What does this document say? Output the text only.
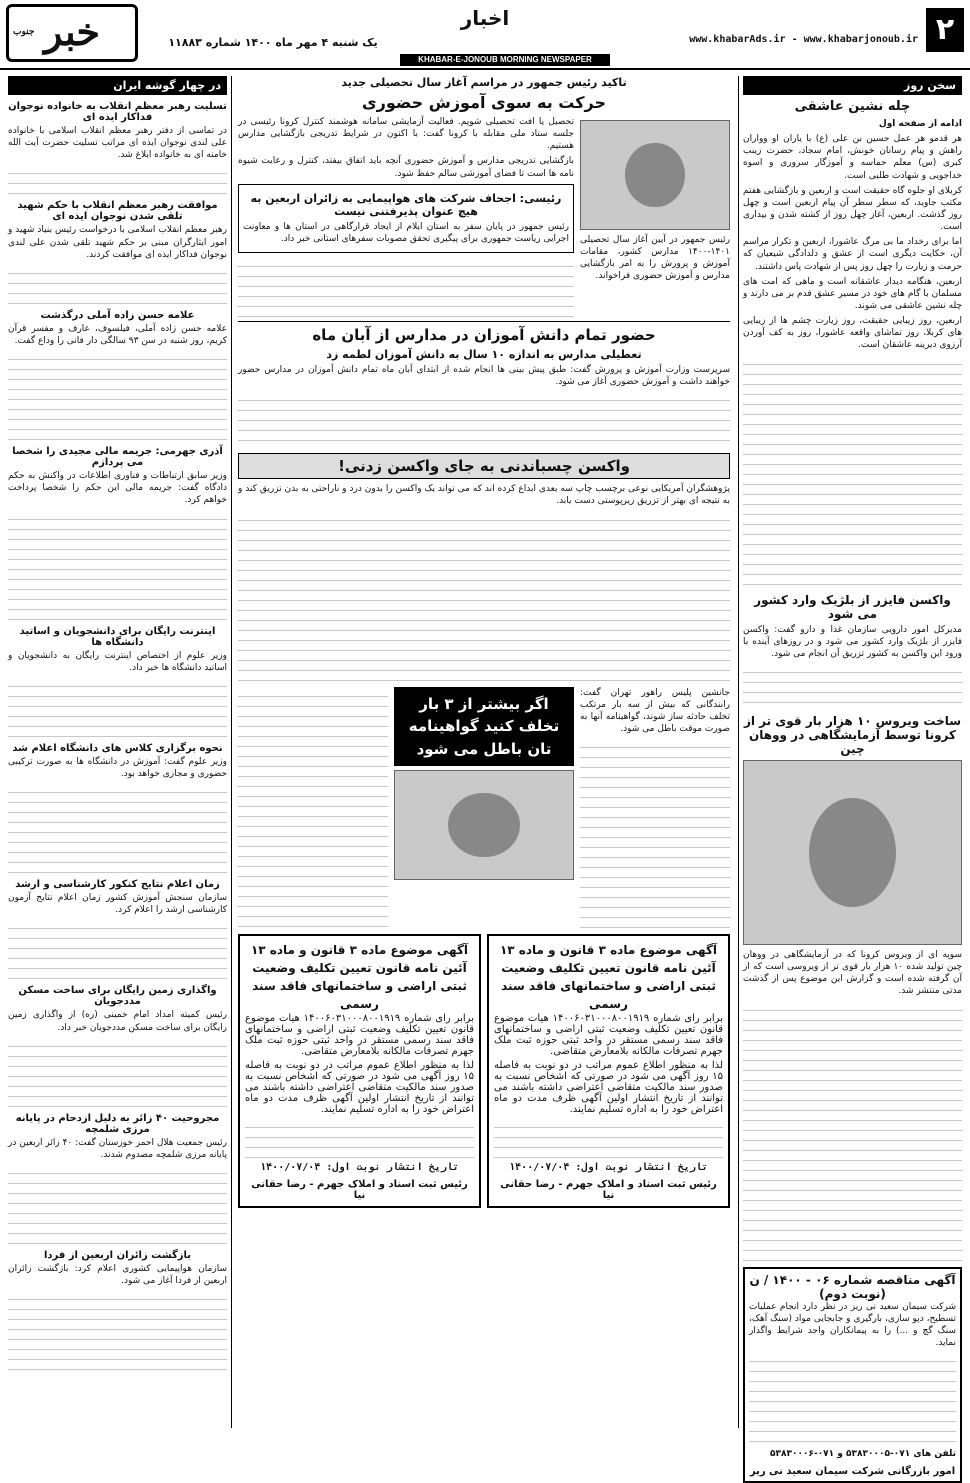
۲
www.khabarAds.ir - www.khabarjonoub.ir
اخبار
یک شنبه ۴ مهر ماه ۱۴۰۰ شماره ۱۱۸۸۳
خبر
جنوب
KHABAR-E-JONOUB MORNING NEWSPAPER
سخن روز
چله نشین عاشقی

ادامه از صفحه اول

هر قدمو هر عمل حسین بن علی (ع) با یاران او وواران راهش و پیام رسانان خونش، امام سجاد، حضرت زینب کبری (س) معلم حماسه و آموزگار سروری و اسوه خداجویی و شهادت طلبی است.

کربلای او جلوه گاه حقیقت است و اربعین و بازگشایی هفتم مکتب جاوید، که سطر سطر آن پیام اربعین است و چهل روز گذشت. اربعین، آغاز چهل روز از کشته شدن و بیداری است.

اما برای رخداد ما بی مرگ عاشورا، اربعین و تکرار مراسم آن، حکایت دیگری است از عشق و دلدادگی شیعیان که حرمت و زیارت را چهل روز پس از شهادت پاس داشتند.

اربعین، هنگامه دیدار عاشقانه است و ماهی که امت های مسلمان با گام های خود در مسیر عشق قدم بر می دارند و چله نشین عاشقی می شوند.

اربعین، روز زیبایی حقیقت، روز زیارت چشم ها از زیبایی های کربلا، روز تماشای واقعه عاشورا، روز به کف آوردن آرزوی دیرینه عاشقان است.

واکسن فایزر از بلژیک وارد کشور می شود

مدیرکل امور دارویی سازمان غذا و دارو گفت: واکسن فایزر از بلژیک وارد کشور می شود و در روزهای آینده با ورود این واکسن به کشور تزریق آن انجام می شود.

ساخت ویروس ۱۰ هزار بار قوی تر از کرونا توسط آزمایشگاهی در ووهان چین

سوپه ای از ویروس کرونا که در آزمایشگاهی در ووهان چین تولید شده ۱۰ هزار بار قوی تر از ویروسی است که از آن گرفته شده است و گزارش این موضوع پس از گذشت مدتی منتشر شد.

آگهی مناقصه شماره ۰۶ - ۱۴۰۰ / ن (نوبت دوم)

شرکت سیمان سعید نی ریز در نظر دارد انجام عملیات تسطیح، دپو سازی، بارگیری و جابجایی مواد (سنگ آهک، سنگ گچ و ...) را به پیمانکاران واجد شرایط واگذار نماید.

تلفن های ۰۷۱-۵۳۸۳۰۰۰۵ و ۰۷۱-۵۳۸۳۰۰۰۶

امور بازرگانی شرکت سیمان سعید نی ریز
تاکید رئیس جمهور در مراسم آغاز سال تحصیلی جدید
حرکت به سوی آموزش حضوری

رئیس جمهور در آیین آغاز سال تحصیلی ۱۴۰۱-۱۴۰۰ مدارس کشور، مقامات آموزش و پرورش را به امر بازگشایی مدارس و آموزش حضوری فراخواند.

تحصیل یا افت تحصیلی شویم. فعالیت آزمایشی سامانه هوشمند کنترل کرونا رئیسی در جلسه ستاد ملی مقابله با کرونا گفت: با اکنون در شرایط تدریجی بازگشایی مدارس هستیم.

بازگشایی تدریجی مدارس و آموزش حضوری آنچه باید اتفاق بیفتد، کنترل و رعایت شیوه نامه ها است تا فضای آموزشی سالم حفظ شود.

رئیسی: اجحاف شرکت های هواپیمایی به زائران اربعین به هیچ عنوان پذیرفتنی نیست

رئیس جمهور در پایان سفر به استان ایلام از ایجاد قرارگاهی در استان ها و معاونت اجرایی ریاست جمهوری برای پیگیری تحقق مصوبات سفرهای استانی خبر داد.

حضور تمام دانش آموزان در مدارس از آبان ماه
تعطیلی مدارس به اندازه ۱۰ سال به دانش آموزان لطمه زد

سرپرست وزارت آموزش و پرورش گفت: طبق پیش بینی ها انجام شده از ابتدای آبان ماه تمام دانش آموزان در مدارس حضور خواهند داشت و آموزش حضوری آغاز می شود.

واکسن چسباندنی به جای واکسن زدنی!

پژوهشگران آمریکایی نوعی برچسب چاپ سه بعدی ابداع کرده اند که می تواند یک واکسن را بدون درد و ناراحتی به بدن تزریق کند و به نتیجه ای بهتر از تزریق زیرپوستی دست یابد.

جانشین پلیس راهور تهران گفت: رانندگانی که بیش از سه بار مرتکب تخلف حادثه ساز شوند، گواهینامه آنها به صورت موقت باطل می شود.

اگر بیشتر از ۳ بار تخلف کنید گواهینامه تان باطل می شود
آگهی موضوع ماده ۳ قانون و ماده ۱۳ آئین نامه قانون تعیین تکلیف وضعیت ثبتی اراضی و ساختمانهای فاقد سند رسمی

برابر رای شماره ۱۴۰۰۶۰۳۱۰۰۰۸۰۰۱۹۱۹ هیات موضوع قانون تعیین تکلیف وضعیت ثبتی اراضی و ساختمانهای فاقد سند رسمی مستقر در واحد ثبتی حوزه ثبت ملک جهرم تصرفات مالکانه بلامعارض متقاضی.

لذا به منظور اطلاع عموم مراتب در دو نوبت به فاصله ۱۵ روز آگهی می شود در صورتی که اشخاص نسبت به صدور سند مالکیت متقاضی اعتراضی داشته باشند می توانند از تاریخ انتشار اولین آگهی ظرف مدت دو ماه اعتراض خود را به اداره تسلیم نمایند.

تاریخ انتشار نوبت اول: ۱۴۰۰/۰۷/۰۴
رئیس ثبت اسناد و املاک جهرم - رضا حقانی نیا
آگهی موضوع ماده ۳ قانون و ماده ۱۳ آئین نامه قانون تعیین تکلیف وضعیت ثبتی اراضی و ساختمانهای فاقد سند رسمی

برابر رای شماره ۱۴۰۰۶۰۳۱۰۰۰۸۰۰۱۹۱۹ هیات موضوع قانون تعیین تکلیف وضعیت ثبتی اراضی و ساختمانهای فاقد سند رسمی مستقر در واحد ثبتی حوزه ثبت ملک جهرم تصرفات مالکانه بلامعارض متقاضی.

لذا به منظور اطلاع عموم مراتب در دو نوبت به فاصله ۱۵ روز آگهی می شود در صورتی که اشخاص نسبت به صدور سند مالکیت متقاضی اعتراضی داشته باشند می توانند از تاریخ انتشار اولین آگهی ظرف مدت دو ماه اعتراض خود را به اداره تسلیم نمایند.

تاریخ انتشار نوبت اول: ۱۴۰۰/۰۷/۰۴
رئیس ثبت اسناد و املاک جهرم - رضا حقانی نیا
در چهار گوشه ایران
تسلیت رهبر معظم انقلاب به خانواده نوجوان فداکار ایذه ای

در تماسی از دفتر رهبر معظم انقلاب اسلامی با خانواده علی لندی نوجوان ایذه ای مراتب تسلیت حضرت آیت الله خامنه ای به خانواده ابلاغ شد.

موافقت رهبر معظم انقلاب با حکم شهید تلقی شدن نوجوان ایذه ای

رهبر معظم انقلاب اسلامی با درخواست رئیس بنیاد شهید و امور ایثارگران مبنی بر حکم شهید تلقی شدن علی لندی نوجوان فداکار ایذه ای موافقت کردند.

علامه حسن زاده آملی درگذشت

علامه حسن زاده آملی، فیلسوف، عارف و مفسر قرآن کریم، روز شنبه در سن ۹۳ سالگی دار فانی را وداع گفت.

آذری جهرمی: جریمه مالی مجیدی را شخصا می پردازم

وزیر سابق ارتباطات و فناوری اطلاعات در واکنش به حکم دادگاه گفت: جریمه مالی این حکم را شخصا پرداخت خواهم کرد.

اینترنت رایگان برای دانشجویان و اساتید دانشگاه ها

وزیر علوم از اختصاص اینترنت رایگان به دانشجویان و اساتید دانشگاه ها خبر داد.

نحوه برگزاری کلاس های دانشگاه اعلام شد

وزیر علوم گفت: آموزش در دانشگاه ها به صورت ترکیبی حضوری و مجازی خواهد بود.

زمان اعلام نتایج کنکور کارشناسی و ارشد

سازمان سنجش آموزش کشور زمان اعلام نتایج آزمون کارشناسی ارشد را اعلام کرد.

واگذاری زمین رایگان برای ساخت مسکن مددجویان

رئیس کمیته امداد امام خمینی (ره) از واگذاری زمین رایگان برای ساخت مسکن مددجویان خبر داد.

مجروحیت ۴۰ زائر به دلیل ازدحام در پایانه مرزی شلمچه

رئیس جمعیت هلال احمر خوزستان گفت: ۴۰ زائر اربعین در پایانه مرزی شلمچه مصدوم شدند.

بازگشت زائران اربعین از فردا

سازمان هواپیمایی کشوری اعلام کرد: بازگشت زائران اربعین از فردا آغاز می شود.
